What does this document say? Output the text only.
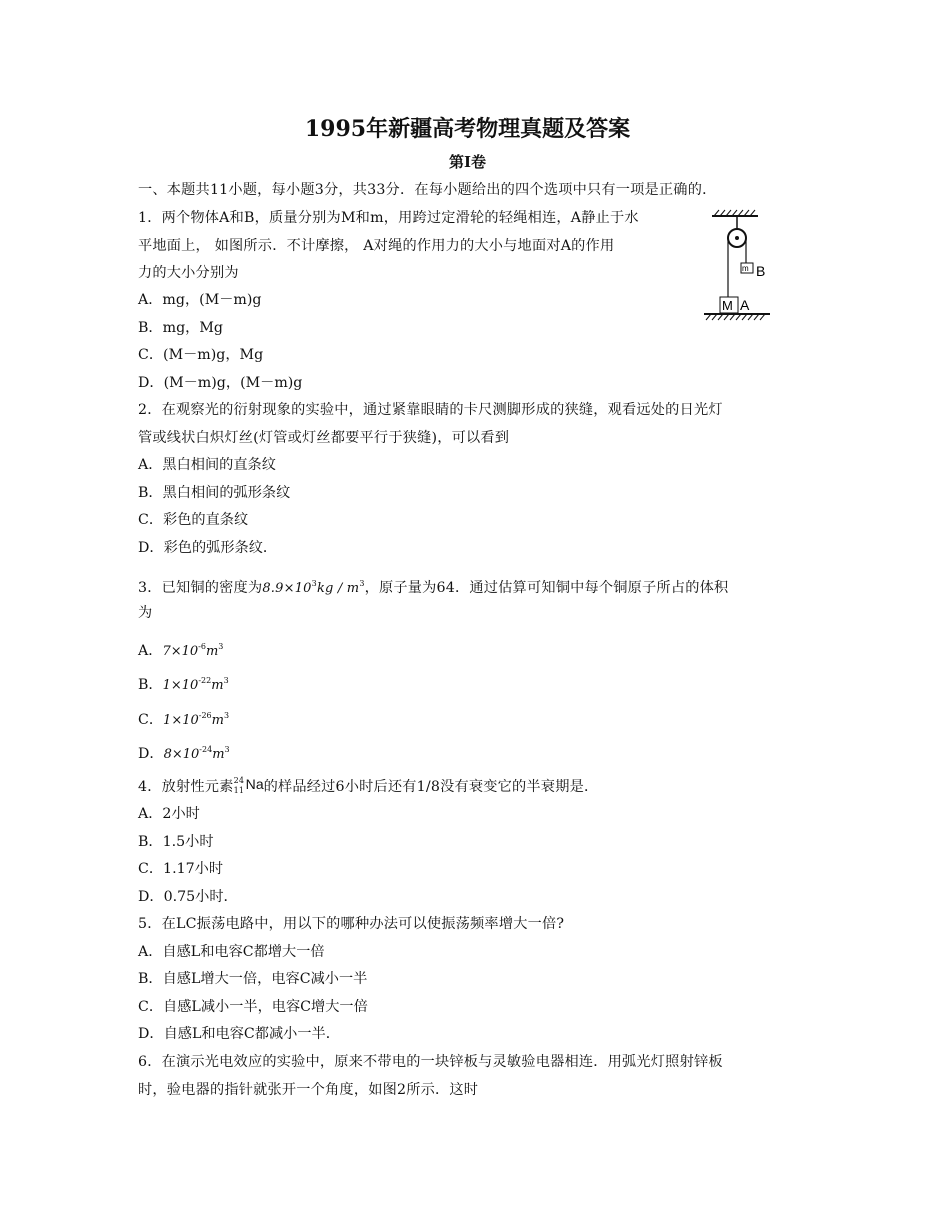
1995年新疆高考物理真题及答案
第Ⅰ卷
一、本题共11小题，每小题3分，共33分．在每小题给出的四个选项中只有一项是正确的．
1．两个物体A和B，质量分别为M和m，用跨过定滑轮的轻绳相连，A静止于水
平地面上， 如图所示．不计摩擦， A对绳的作用力的大小与地面对A的作用
力的大小分别为
A．mg，(M－m)g
B．mg，Mg
C．(M－m)g，Mg
D．(M－m)g，(M－m)g
m B
M A
2．在观察光的衍射现象的实验中，通过紧靠眼睛的卡尺测脚形成的狭缝，观看远处的日光灯
管或线状白炽灯丝(灯管或灯丝都要平行于狭缝)，可以看到
A．黑白相间的直条纹
B．黑白相间的弧形条纹
C．彩色的直条纹
D．彩色的弧形条纹．
3．已知铜的密度为$8.9\times 10^3kg / m^3$，原子量为64．通过估算可知铜中每个铜原子所占的体积
为
A．$7\times 10^{-6}m^3$
B．$1\times 10^{-22}m^3$
C．$1\times 10^{-26}m^3$
D．$8\times 10^{-24}m^3$
4．放射性元素 24
11 Na 的样品经过6小时后还有1/8没有衰变它的半衰期是．
A．2小时
B．1.5小时
C．1.17小时
D．0.75小时．
5．在LC振荡电路中，用以下的哪种办法可以使振荡频率增大一倍?
A．自感L和电容C都增大一倍
B．自感L增大一倍，电容C减小一半
C．自感L减小一半，电容C增大一倍
D．自感L和电容C都减小一半．
6．在演示光电效应的实验中，原来不带电的一块锌板与灵敏验电器相连．用弧光灯照射锌板
时，验电器的指针就张开一个角度，如图2所示．这时
